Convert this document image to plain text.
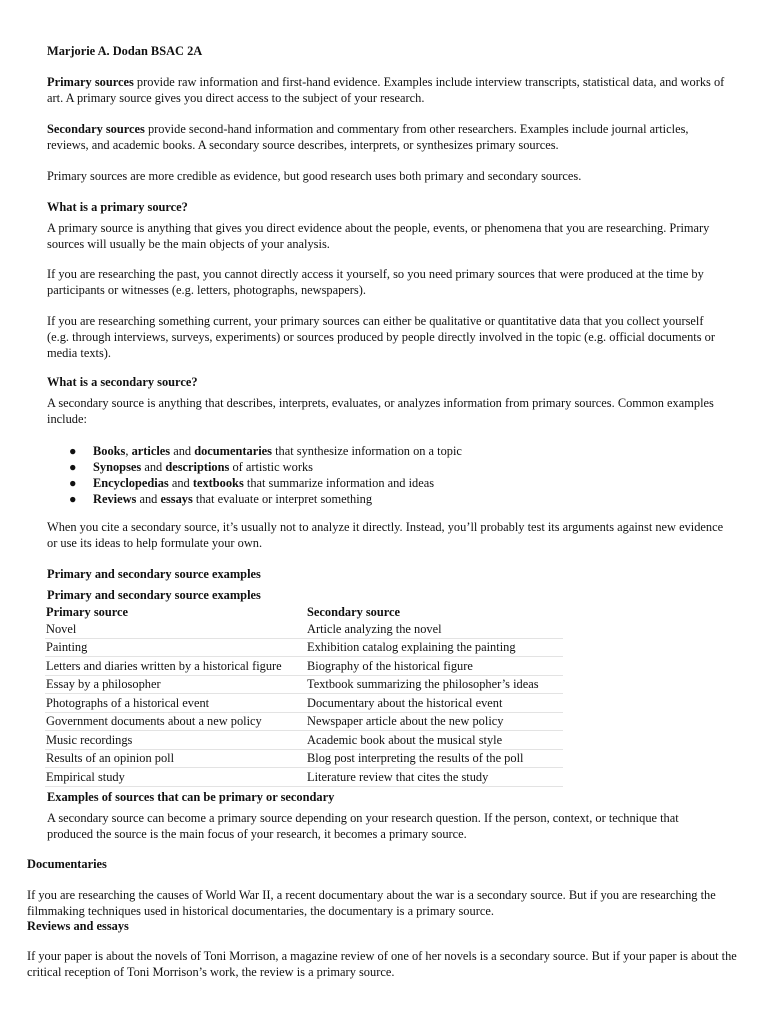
Marjorie A. Dodan BSAC 2A

Primary sources provide raw information and first-hand evidence. Examples include interview transcripts, statistical data, and works of art. A primary source gives you direct access to the subject of your research.

Secondary sources provide second-hand information and commentary from other researchers. Examples include journal articles, reviews, and academic books. A secondary source describes, interprets, or synthesizes primary sources.

Primary sources are more credible as evidence, but good research uses both primary and secondary sources.

What is a primary source?

A primary source is anything that gives you direct evidence about the people, events, or phenomena that you are researching. Primary sources will usually be the main objects of your analysis.

If you are researching the past, you cannot directly access it yourself, so you need primary sources that were produced at the time by participants or witnesses (e.g. letters, photographs, newspapers).

If you are researching something current, your primary sources can either be qualitative or quantitative data that you collect yourself (e.g. through interviews, surveys, experiments) or sources produced by people directly involved in the topic (e.g. official documents or media texts).

What is a secondary source?

A secondary source is anything that describes, interprets, evaluates, or analyzes information from primary sources. Common examples include:

● Books, articles and documentaries that synthesize information on a topic
● Synopses and descriptions of artistic works
● Encyclopedias and textbooks that summarize information and ideas
● Reviews and essays that evaluate or interpret something

When you cite a secondary source, it’s usually not to analyze it directly. Instead, you’ll probably test its arguments against new evidence or use its ideas to help formulate your own.

Primary and secondary source examples

Primary and secondary source examples

Primary source	Secondary source
Novel	Article analyzing the novel
Painting	Exhibition catalog explaining the painting
Letters and diaries written by a historical figure	Biography of the historical figure
Essay by a philosopher	Textbook summarizing the philosopher’s ideas
Photographs of a historical event	Documentary about the historical event
Government documents about a new policy	Newspaper article about the new policy
Music recordings	Academic book about the musical style
Results of an opinion poll	Blog post interpreting the results of the poll
Empirical study	Literature review that cites the study

Examples of sources that can be primary or secondary

A secondary source can become a primary source depending on your research question. If the person, context, or technique that produced the source is the main focus of your research, it becomes a primary source.

Documentaries

If you are researching the causes of World War II, a recent documentary about the war is a secondary source. But if you are researching the filmmaking techniques used in historical documentaries, the documentary is a primary source.

Reviews and essays

If your paper is about the novels of Toni Morrison, a magazine review of one of her novels is a secondary source. But if your paper is about the critical reception of Toni Morrison’s work, the review is a primary source.
